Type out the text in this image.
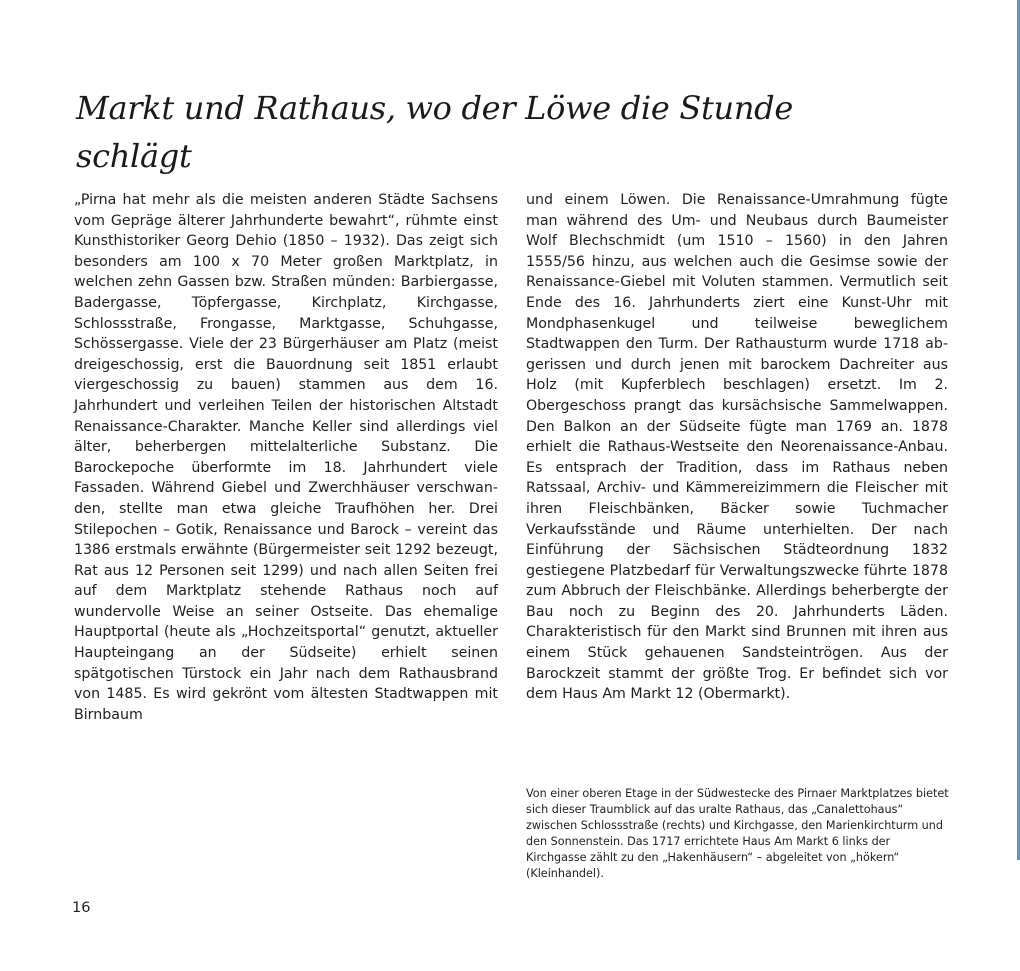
Markt und Rathaus, wo der Löwe die Stunde schlägt

„Pirna hat mehr als die meisten anderen Städte Sachsens vom Gepräge älterer Jahrhunderte bewahrt“, rühmte einst Kunsthistoriker Georg Dehio (1850 – 1932). Das zeigt sich besonders am 100 x 70 Meter großen Marktplatz, in welchen zehn Gassen bzw. Straßen münden: Barbiergasse, Badergasse, Töpfergasse, Kirchplatz, Kirchgasse, Schlossstraße, Frongasse, Marktgasse, Schuhgasse, Schössergasse. Viele der 23 Bürgerhäuser am Platz (meist dreigeschossig, erst die Bauordnung seit 1851 erlaubt viergeschossig zu bauen) stammen aus dem 16. Jahrhundert und verleihen Teilen der historischen Altstadt Renaissance-Charakter. Manche Keller sind allerdings viel älter, beherbergen mittelalterliche Substanz. Die Barockepoche überformte im 18. Jahrhundert viele Fassaden. Während Giebel und Zwerchhäuser verschwanden, stellte man etwa gleiche Traufhöhen her. Drei Stilepochen – Gotik, Renaissance und Barock – vereint das 1386 erstmals erwähnte (Bürgermeister seit 1292 bezeugt, Rat aus 12 Personen seit 1299) und nach allen Seiten frei auf dem Marktplatz stehende Rathaus noch auf wundervolle Weise an seiner Ostseite. Das ehemalige Hauptportal (heute als „Hochzeitsportal“ genutzt, aktueller Haupteingang an der Südseite) erhielt seinen spätgotischen Türstock ein Jahr nach dem Rathausbrand von 1485. Es wird gekrönt vom ältesten Stadtwappen mit Birnbaum

und einem Löwen. Die Renaissance-Umrahmung fügte man während des Um- und Neubaus durch Baumeister Wolf Blechschmidt (um 1510 – 1560) in den Jahren 1555/56 hinzu, aus welchen auch die Gesimse sowie der Renaissance-Giebel mit Voluten stammen. Vermutlich seit Ende des 16. Jahrhunderts ziert eine Kunst-Uhr mit Mondphasenkugel und teilweise beweglichem Stadtwappen den Turm. Der Rathausturm wurde 1718 abgerissen und durch jenen mit barockem Dachreiter aus Holz (mit Kupferblech beschlagen) ersetzt. Im 2. Obergeschoss prangt das kursächsische Sammelwappen. Den Balkon an der Südseite fügte man 1769 an. 1878 erhielt die Rathaus-Westseite den Neorenaissance-Anbau. Es entsprach der Tradition, dass im Rathaus neben Ratssaal, Archiv- und Kämmereizimmern die Fleischer mit ihren Fleischbänken, Bäcker sowie Tuchmacher Verkaufsstände und Räume unterhielten. Der nach Einführung der Sächsischen Städteordnung 1832 gestiegene Platzbedarf für Verwaltungszwecke führte 1878 zum Abbruch der Fleischbänke. Allerdings beherbergte der Bau noch zu Beginn des 20. Jahrhunderts Läden. Charakteristisch für den Markt sind Brunnen mit ihren aus einem Stück gehauenen Sandsteintrögen. Aus der Barockzeit stammt der größte Trog. Er befindet sich vor dem Haus Am Markt 12 (Obermarkt).

Von einer oberen Etage in der Südwestecke des Pirnaer Marktplatzes bietet sich dieser Traumblick auf das uralte Rathaus, das „Canalettohaus“ zwischen Schlossstraße (rechts) und Kirchgasse, den Marienkirchturm und den Sonnenstein. Das 1717 errichtete Haus Am Markt 6 links der Kirchgasse zählt zu den „Hakenhäusern“ – abgeleitet von „hökern“ (Kleinhandel).

16
